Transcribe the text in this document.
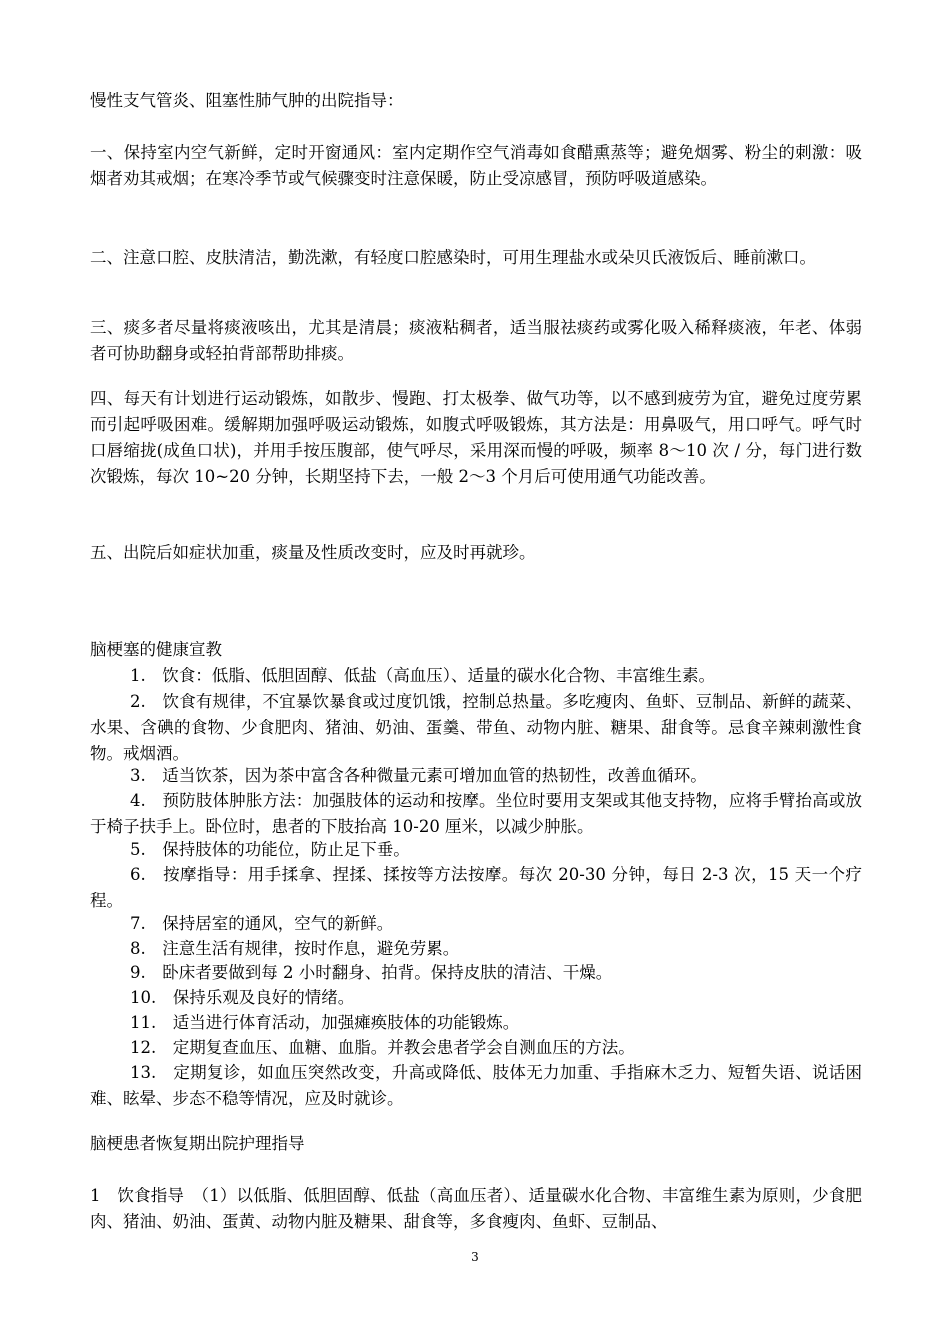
慢性支气管炎、阻塞性肺气肿的出院指导：

一、保持室内空气新鲜，定时开窗通风：室内定期作空气消毒如食醋熏蒸等；避免烟雾、粉尘的刺激：吸烟者劝其戒烟；在寒冷季节或气候骤变时注意保暖，防止受凉感冒，预防呼吸道感染。

二、注意口腔、皮肤清洁，勤洗漱，有轻度口腔感染时，可用生理盐水或朵贝氏液饭后、睡前漱口。

三、痰多者尽量将痰液咳出，尤其是清晨；痰液粘稠者，适当服祛痰药或雾化吸入稀释痰液，年老、体弱者可协助翻身或轻拍背部帮助排痰。

四、每天有计划进行运动锻炼，如散步、慢跑、打太极拳、做气功等，以不感到疲劳为宜，避免过度劳累而引起呼吸困难。缓解期加强呼吸运动锻炼，如腹式呼吸锻炼，其方法是：用鼻吸气，用口呼气。呼气时口唇缩拢(成鱼口状)，并用手按压腹部，使气呼尽，采用深而慢的呼吸，频率 8～10 次 / 分，每门进行数次锻炼，每次 10~20 分钟，长期坚持下去，一般 2～3 个月后可使用通气功能改善。

五、出院后如症状加重，痰量及性质改变时，应及时再就珍。

脑梗塞的健康宣教

1.　饮食：低脂、低胆固醇、低盐（高血压）、适量的碳水化合物、丰富维生素。

2.　饮食有规律，不宜暴饮暴食或过度饥饿，控制总热量。多吃瘦肉、鱼虾、豆制品、新鲜的蔬菜、水果、含碘的食物、少食肥肉、猪油、奶油、蛋羹、带鱼、动物内脏、糖果、甜食等。忌食辛辣刺激性食物。戒烟酒。

3.　适当饮茶，因为茶中富含各种微量元素可增加血管的热韧性，改善血循环。

4.　预防肢体肿胀方法：加强肢体的运动和按摩。坐位时要用支架或其他支持物，应将手臂抬高或放于椅子扶手上。卧位时，患者的下肢抬高 10-20 厘米，以减少肿胀。

5.　保持肢体的功能位，防止足下垂。

6.　按摩指导：用手揉拿、捏揉、揉按等方法按摩。每次 20-30 分钟，每日 2-3 次，15 天一个疗程。

7.　保持居室的通风，空气的新鲜。

8.　注意生活有规律，按时作息，避免劳累。

9.　卧床者要做到每 2 小时翻身、拍背。保持皮肤的清洁、干燥。

10.　保持乐观及良好的情绪。

11.　适当进行体育活动，加强瘫痪肢体的功能锻炼。

12.　定期复查血压、血糖、血脂。并教会患者学会自测血压的方法。

13.　定期复诊，如血压突然改变，升高或降低、肢体无力加重、手指麻木乏力、短暂失语、说话困难、眩晕、步态不稳等情况，应及时就诊。

脑梗患者恢复期出院护理指导

1　饮食指导　（1）以低脂、低胆固醇、低盐（高血压者）、适量碳水化合物、丰富维生素为原则，少食肥肉、猪油、奶油、蛋黄、动物内脏及糖果、甜食等，多食瘦肉、鱼虾、豆制品、

3
